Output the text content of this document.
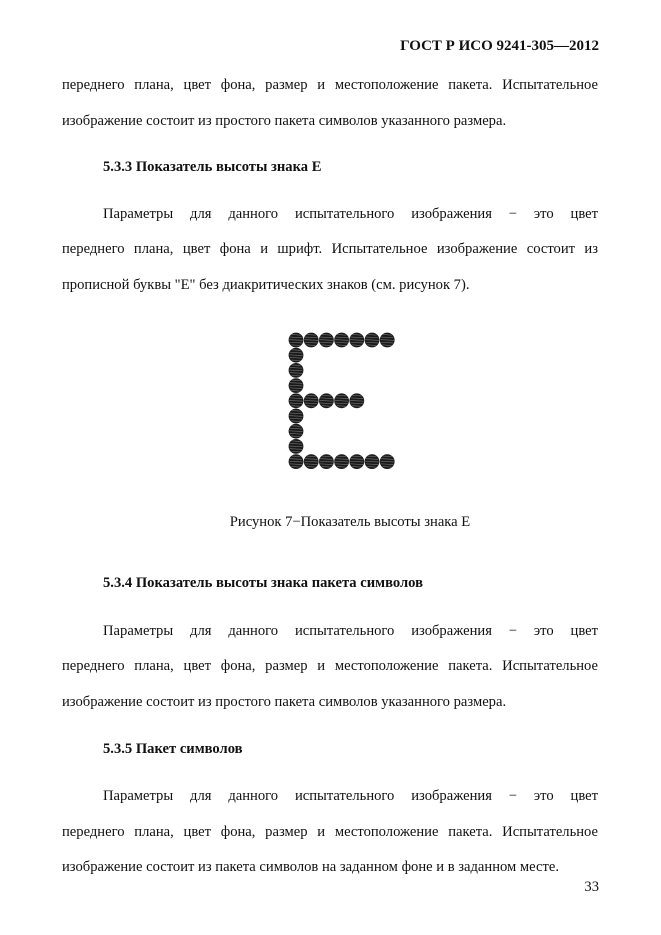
ГОСТ Р ИСО 9241-305—2012
переднего плана, цвет фона, размер и местоположение пакета. Испытательное
изображение состоит из простого пакета символов указанного размера.
5.3.3 Показатель высоты знака Е
Параметры для данного испытательного изображения − это цвет
переднего плана, цвет фона и шрифт. Испытательное изображение состоит из
прописной буквы "Е" без диакритических знаков (см. рисунок 7).
Рисунок 7−Показатель высоты знака Е
5.3.4 Показатель высоты знака пакета символов
Параметры для данного испытательного изображения − это цвет
переднего плана, цвет фона, размер и местоположение пакета. Испытательное
изображение состоит из простого пакета символов указанного размера.
5.3.5 Пакет символов
Параметры для данного испытательного изображения − это цвет
переднего плана, цвет фона, размер и местоположение пакета. Испытательное
изображение состоит из пакета символов на заданном фоне и в заданном месте.
33
